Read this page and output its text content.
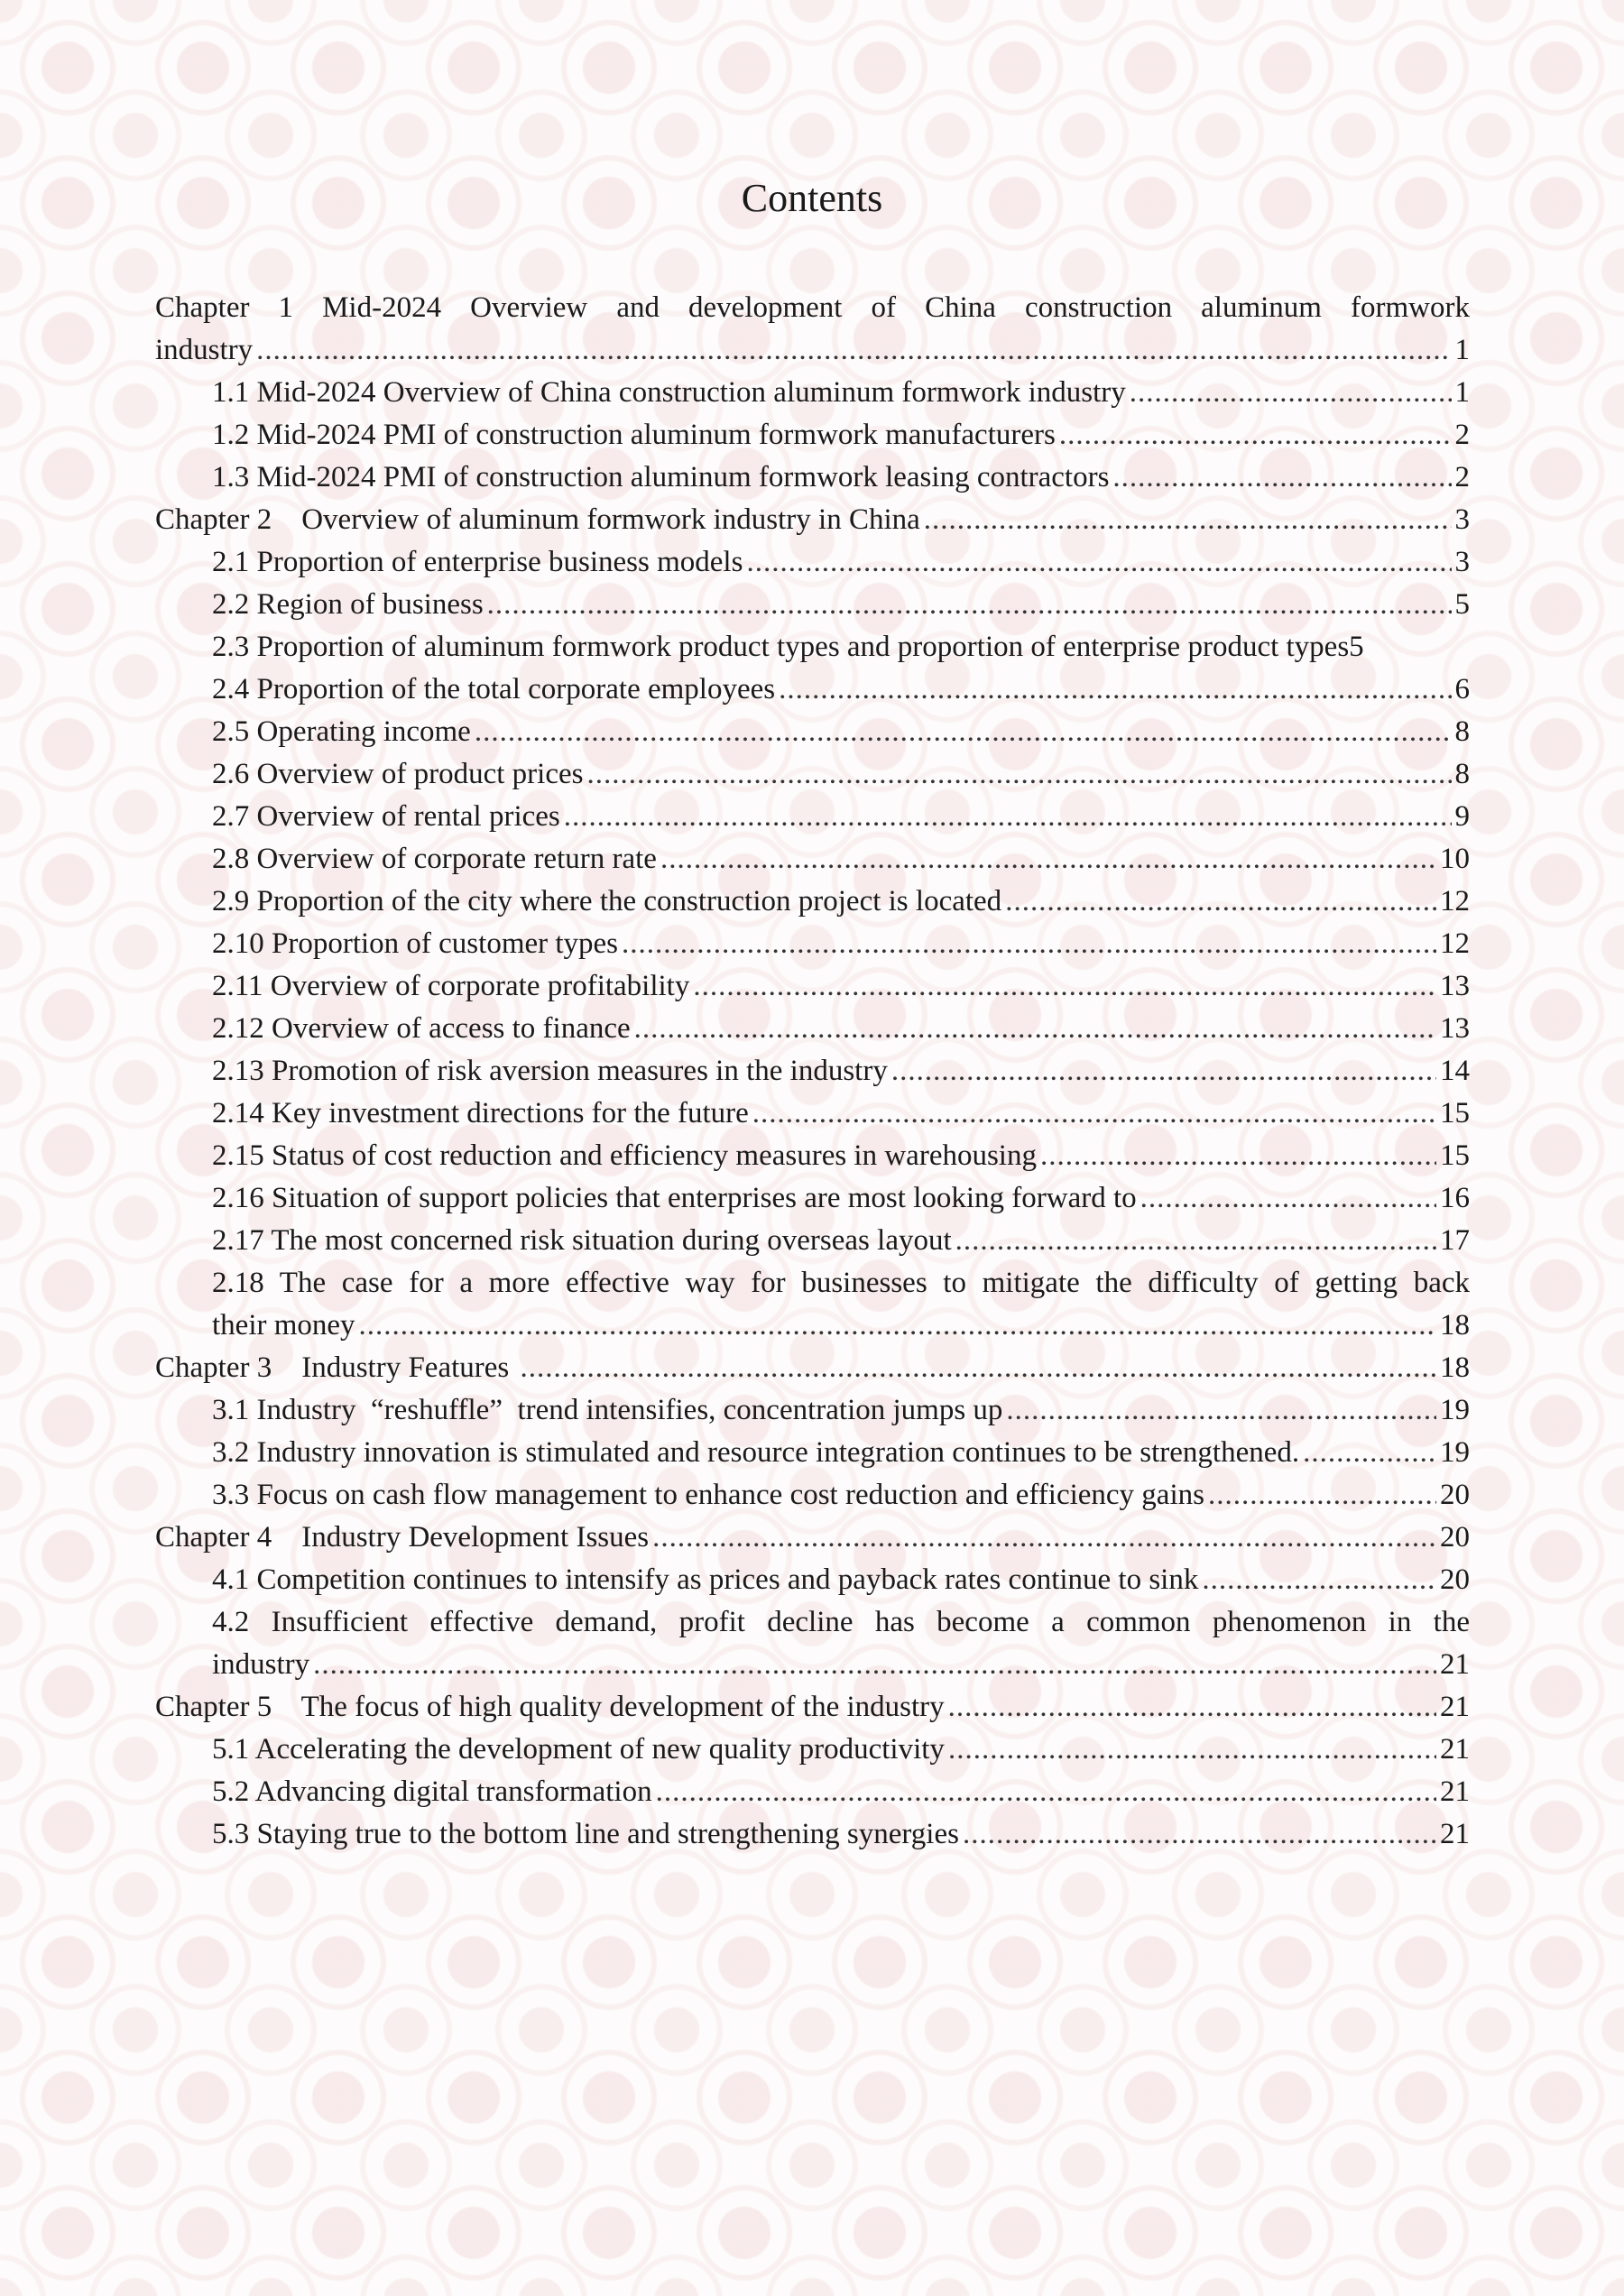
Contents
Chapter 1 Mid-2024 Overview and development of China construction aluminum formwork
industry .....	1
1.1 Mid-2024 Overview of China construction aluminum formwork industry .....	1
1.2 Mid-2024 PMI of construction aluminum formwork manufacturers .....	2
1.3 Mid-2024 PMI of construction aluminum formwork leasing contractors .....	2
Chapter 2    Overview of aluminum formwork industry in China .....	3
2.1 Proportion of enterprise business models .....	3
2.2 Region of business .....	5
2.3 Proportion of aluminum formwork product types and proportion of enterprise product types5
2.4 Proportion of the total corporate employees .....	6
2.5 Operating income .....	8
2.6 Overview of product prices .....	8
2.7 Overview of rental prices .....	9
2.8 Overview of corporate return rate .....	10
2.9 Proportion of the city where the construction project is located .....	12
2.10 Proportion of customer types .....	12
2.11 Overview of corporate profitability .....	13
2.12 Overview of access to finance .....	13
2.13 Promotion of risk aversion measures in the industry .....	14
2.14 Key investment directions for the future .....	15
2.15 Status of cost reduction and efficiency measures in warehousing .....	15
2.16 Situation of support policies that enterprises are most looking forward to .....	16
2.17 The most concerned risk situation during overseas layout .....	17
2.18 The case for a more effective way for businesses to mitigate the difficulty of getting back
their money .....	18
Chapter 3    Industry Features .....	18
3.1 Industry  “reshuffle”  trend intensifies, concentration jumps up .....	19
3.2 Industry innovation is stimulated and resource integration continues to be strengthened. .....	19
3.3 Focus on cash flow management to enhance cost reduction and efficiency gains .....	20
Chapter 4    Industry Development Issues .....	20
4.1 Competition continues to intensify as prices and payback rates continue to sink .....	20
4.2 Insufficient effective demand, profit decline has become a common phenomenon in the
industry .....	21
Chapter 5    The focus of high quality development of the industry .....	21
5.1 Accelerating the development of new quality productivity .....	21
5.2 Advancing digital transformation .....	21
5.3 Staying true to the bottom line and strengthening synergies .....	21
